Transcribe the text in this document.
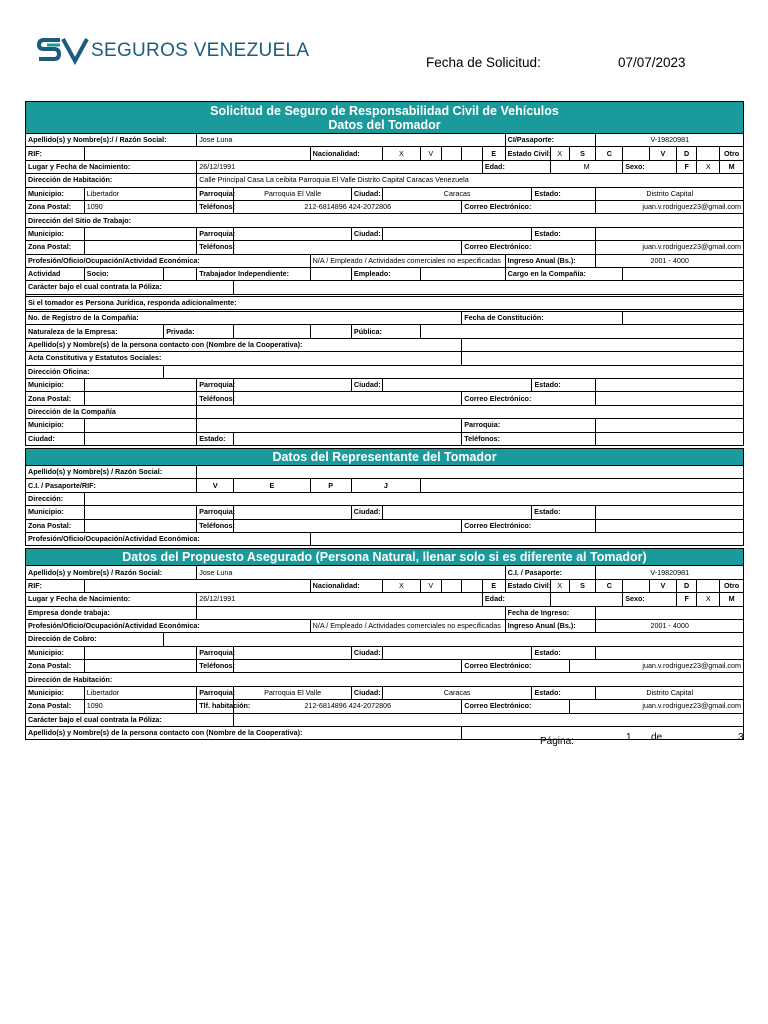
SEGUROS VENEZUELA
Fecha de Solicitud:	07/07/2023
Solicitud de Seguro de Responsabilidad Civil de Vehículos
Datos del Tomador
Apellido(s) y Nombre(s):/ / Razón Social:			Jose Luna									CI/Pasaporte:				V-19820981					
RIF:					Nacionalidad:		X	V			E	Estado Civil:		X	S	C		V	D		Otro
Lugar y Fecha de Nacimiento:			26/12/1991								Edad:			M			Sexo:		F	X	M
Dirección de Habitación:			Calle Principal Casa La ceibita Parroquia El Valle Distrito Capital Caracas Venezuela																		
Municipio:	Libertador		Parroquia:	Parroquia El Valle		Ciudad:	Caracas						Estado:			Distrito Capital					
Zona Postal:	1090		Teléfonos:	212-6814896 424-2072806						Correo Electrónico:						juan.v.rodriguez23@gmail.com					
Dirección del Sitio de Trabajo:																					
Municipio:			Parroquia:			Ciudad:							Estado:								
Zona Postal:			Teléfonos:							Correo Electrónico:						juan.v.rodriguez23@gmail.com					
Profesión/Oficio/Ocupación/Actividad Económica:					N/A / Empleado / Actividades comerciales no especificadas							Ingreso Anual (Bs.):				2001 - 4000					
Actividad	Socio:		Trabajador Independiente:			Empleado:						Cargo en la Compañía:									
Carácter bajo el cual contrata la Póliza:																					

Si el tomador es Persona Jurídica, responda adicionalmente:																					

No. de Registro de la Compañía:										Fecha de Constitución:											
Naturaleza de la Empresa:		Privada:				Pública:															
Apellido(s) y Nombre(s) de la persona contacto con (Nombre de la Cooperativa):																					
Acta Constitutiva y Estatutos Sociales:																					
Dirección Oficina:																					
Municipio:			Parroquia:			Ciudad:							Estado:								
Zona Postal:			Teléfonos:							Correo Electrónico:											
Dirección de la Compañía																					
Municipio:										Parroquia:											
Ciudad:			Estado:							Teléfonos:											
Datos del Representante del Tomador
Apellido(s) y Nombre(s) / Razón Social:										
C.I. / Pasaporte/RIF:		V	E	P	J					
Dirección:										
Municipio:		Parroquia:			Ciudad:				Estado:	
Zona Postal:		Teléfonos:						Correo Electrónico:		
Profesión/Oficio/Ocupación/Actividad Económica:										
Datos del Propuesto Asegurado (Persona Natural, llenar solo si es diferente al Tomador)
Apellido(s) y Nombre(s) / Razón Social:			Jose Luna									C.I. / Pasaporte:				V-19820981					
RIF:					Nacionalidad:		X	V			E	Estado Civil:		X	S	C		V	D		Otro
Lugar y Fecha de Nacimiento:			26/12/1991								Edad:						Sexo:		F	X	M
Empresa donde trabaja:												Fecha de Ingreso:									
Profesión/Oficio/Ocupación/Actividad Económica:					N/A / Empleado / Actividades comerciales no especificadas							Ingreso Anual (Bs.):				2001 - 4000					
Dirección de Cobro:																					
Municipio:			Parroquia:			Ciudad:							Estado:								
Zona Postal:			Teléfonos:							Correo Electrónico:					juan.v.rodriguez23@gmail.com						
Dirección de Habitación:																					
Municipio:	Libertador		Parroquia:	Parroquia El Valle		Ciudad:	Caracas						Estado:			Distrito Capital					
Zona Postal:	1090		Tlf. habitación:	212-6814896 424-2072806						Correo Electrónico:					juan.v.rodriguez23@gmail.com						
Carácter bajo el cual contrata la Póliza:																					
Apellido(s) y Nombre(s) de la persona contacto con (Nombre de la Cooperativa):																					
Página:	1 de	3
